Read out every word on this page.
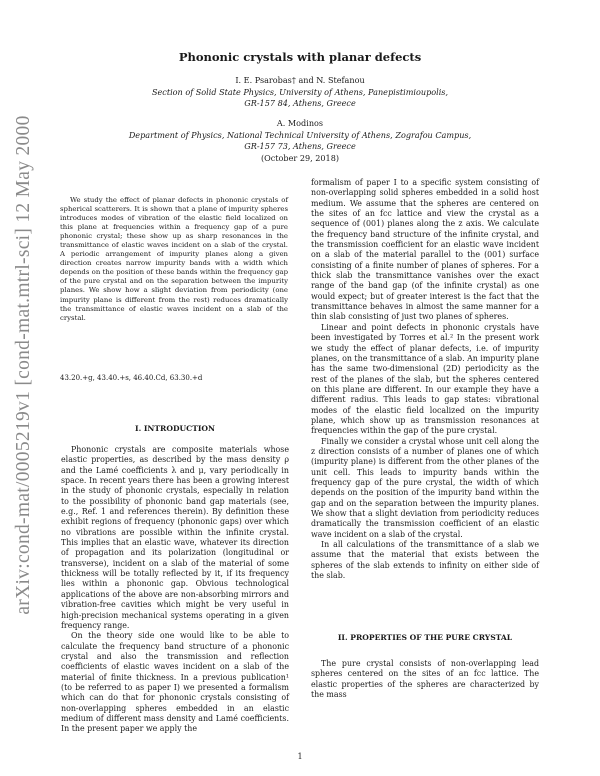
arXiv:cond-mat/0005219v1 [cond-mat.mtrl-sci] 12 May 2000
Phononic crystals with planar defects
I. E. Psarobas† and N. Stefanou
Section of Solid State Physics, University of Athens, Panepistimioupolis,
GR-157 84, Athens, Greece
A. Modinos
Department of Physics, National Technical University of Athens, Zografou Campus,
GR-157 73, Athens, Greece
(October 29, 2018)
We study the effect of planar defects in phononic crystals of spherical scatterers. It is shown that a plane of impurity spheres introduces modes of vibration of the elastic field localized on this plane at frequencies within a frequency gap of a pure phononic crystal; these show up as sharp resonances in the transmittance of elastic waves incident on a slab of the crystal. A periodic arrangement of impurity planes along a given direction creates narrow impurity bands with a width which depends on the position of these bands within the frequency gap of the pure crystal and on the separation between the impurity planes. We show how a slight deviation from periodicity (one impurity plane is different from the rest) reduces dramatically the transmittance of elastic waves incident on a slab of the crystal.
43.20.+g, 43.40.+s, 46.40.Cd, 63.30.+d
I. INTRODUCTION

Phononic crystals are composite materials whose elastic properties, as described by the mass density ρ and the Lamé coefficients λ and μ, vary periodically in space. In recent years there has been a growing interest in the study of phononic crystals, especially in relation to the possibility of phononic band gap materials (see, e.g., Ref. 1 and references therein). By definition these exhibit regions of frequency (phononic gaps) over which no vibrations are possible within the infinite crystal. This implies that an elastic wave, whatever its direction of propagation and its polarization (longitudinal or transverse), incident on a slab of the material of some thickness will be totally reflected by it, if its frequency lies within a phononic gap. Obvious technological applications of the above are non-absorbing mirrors and vibration-free cavities which might be very useful in high-precision mechanical systems operating in a given frequency range.

On the theory side one would like to be able to calculate the frequency band structure of a phononic crystal and also the transmission and reflection coefficients of elastic waves incident on a slab of the material of finite thickness. In a previous publication¹ (to be referred to as paper I) we presented a formalism which can do that for phononic crystals consisting of non-overlapping spheres embedded in an elastic medium of different mass density and Lamé coefficients. In the present paper we apply the

formalism of paper I to a specific system consisting of non-overlapping solid spheres embedded in a solid host medium. We assume that the spheres are centered on the sites of an fcc lattice and view the crystal as a sequence of (001) planes along the z axis. We calculate the frequency band structure of the infinite crystal, and the transmission coefficient for an elastic wave incident on a slab of the material parallel to the (001) surface consisting of a finite number of planes of spheres. For a thick slab the transmittance vanishes over the exact range of the band gap (of the infinite crystal) as one would expect; but of greater interest is the fact that the transmittance behaves in almost the same manner for a thin slab consisting of just two planes of spheres.

Linear and point defects in phononic crystals have been investigated by Torres et al.² In the present work we study the effect of planar defects, i.e. of impurity planes, on the transmittance of a slab. An impurity plane has the same two-dimensional (2D) periodicity as the rest of the planes of the slab, but the spheres centered on this plane are different. In our example they have a different radius. This leads to gap states: vibrational modes of the elastic field localized on the impurity plane, which show up as transmission resonances at frequencies within the gap of the pure crystal.

Finally we consider a crystal whose unit cell along the z direction consists of a number of planes one of which (impurity plane) is different from the other planes of the unit cell. This leads to impurity bands within the frequency gap of the pure crystal, the width of which depends on the position of the impurity band within the gap and on the separation between the impurity planes. We show that a slight deviation from periodicity reduces dramatically the transmission coefficient of an elastic wave incident on a slab of the crystal.

In all calculations of the transmittance of a slab we assume that the material that exists between the spheres of the slab extends to infinity on either side of the slab.

II. PROPERTIES OF THE PURE CRYSTAL

The pure crystal consists of non-overlapping lead spheres centered on the sites of an fcc lattice. The elastic properties of the spheres are characterized by the mass

1
